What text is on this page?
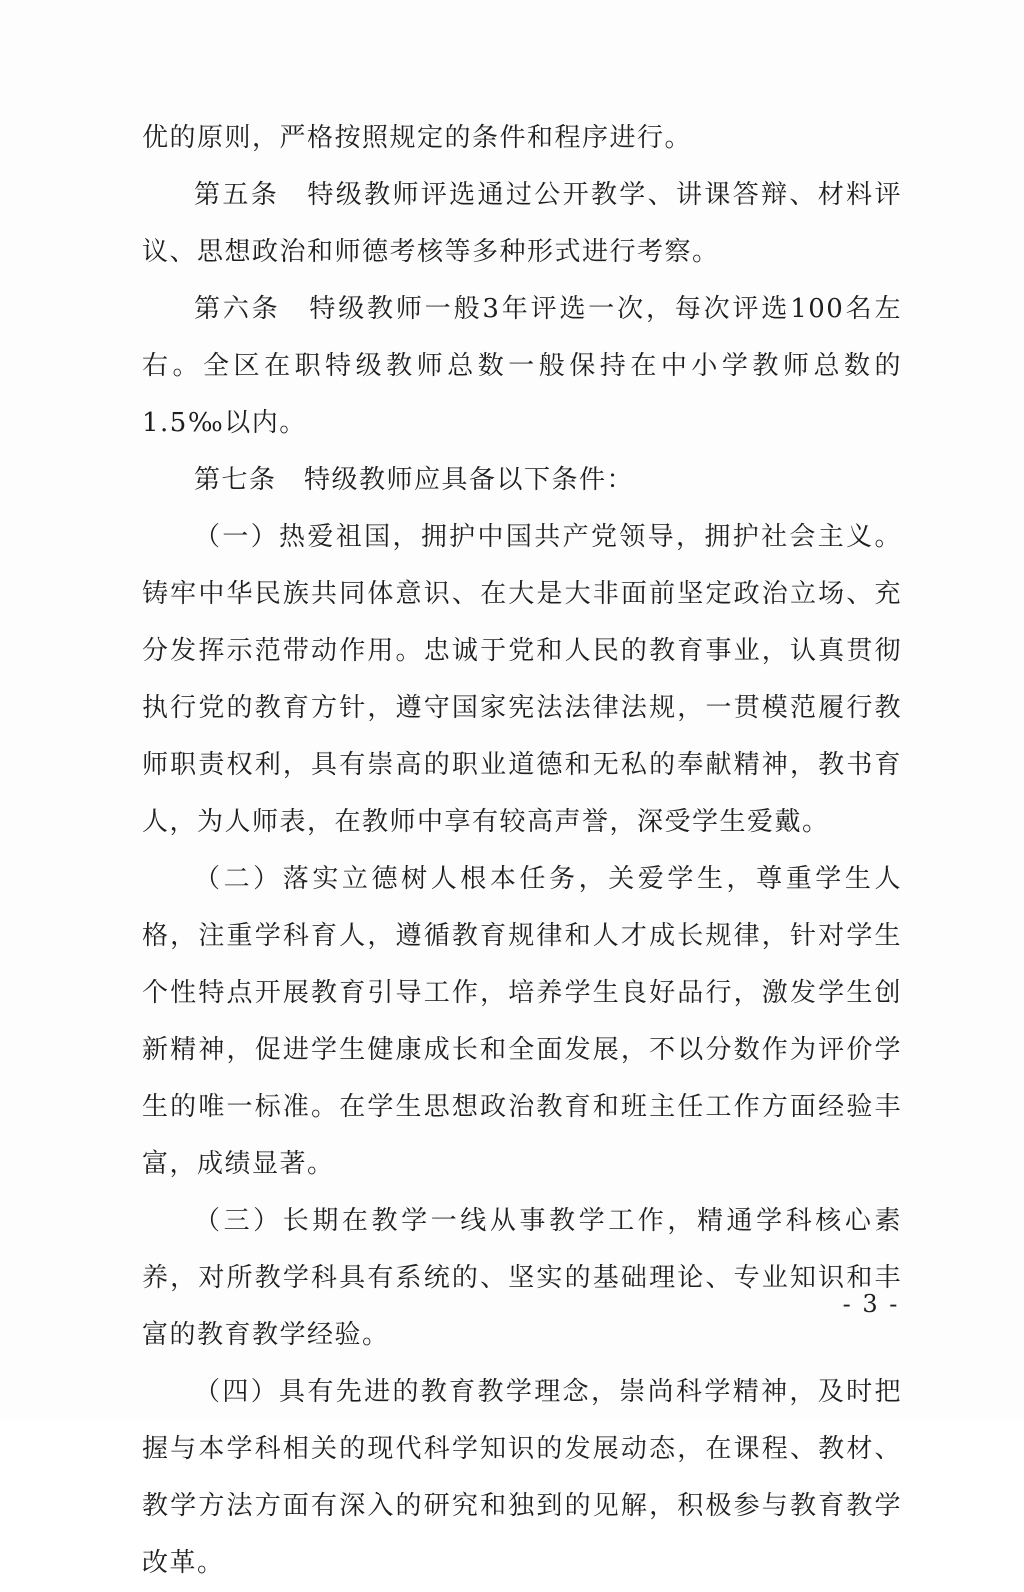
优的原则，严格按照规定的条件和程序进行。

第五条　特级教师评选通过公开教学、讲课答辩、材料评议、思想政治和师德考核等多种形式进行考察。

第六条　特级教师一般3年评选一次，每次评选100名左右。全区在职特级教师总数一般保持在中小学教师总数的 1.5‰以内。

第七条　特级教师应具备以下条件：

（一）热爱祖国，拥护中国共产党领导，拥护社会主义。铸牢中华民族共同体意识、在大是大非面前坚定政治立场、充分发挥示范带动作用。忠诚于党和人民的教育事业，认真贯彻执行党的教育方针，遵守国家宪法法律法规，一贯模范履行教师职责权利，具有崇高的职业道德和无私的奉献精神，教书育人，为人师表，在教师中享有较高声誉，深受学生爱戴。

（二）落实立德树人根本任务，关爱学生，尊重学生人格，注重学科育人，遵循教育规律和人才成长规律，针对学生个性特点开展教育引导工作，培养学生良好品行，激发学生创新精神，促进学生健康成长和全面发展，不以分数作为评价学生的唯一标准。在学生思想政治教育和班主任工作方面经验丰富，成绩显著。

（三）长期在教学一线从事教学工作，精通学科核心素养，对所教学科具有系统的、坚实的基础理论、专业知识和丰富的教育教学经验。

（四）具有先进的教育教学理念，崇尚科学精神，及时把握与本学科相关的现代科学知识的发展动态，在课程、教材、教学方法方面有深入的研究和独到的见解，积极参与教育教学改革。

- 3 -
